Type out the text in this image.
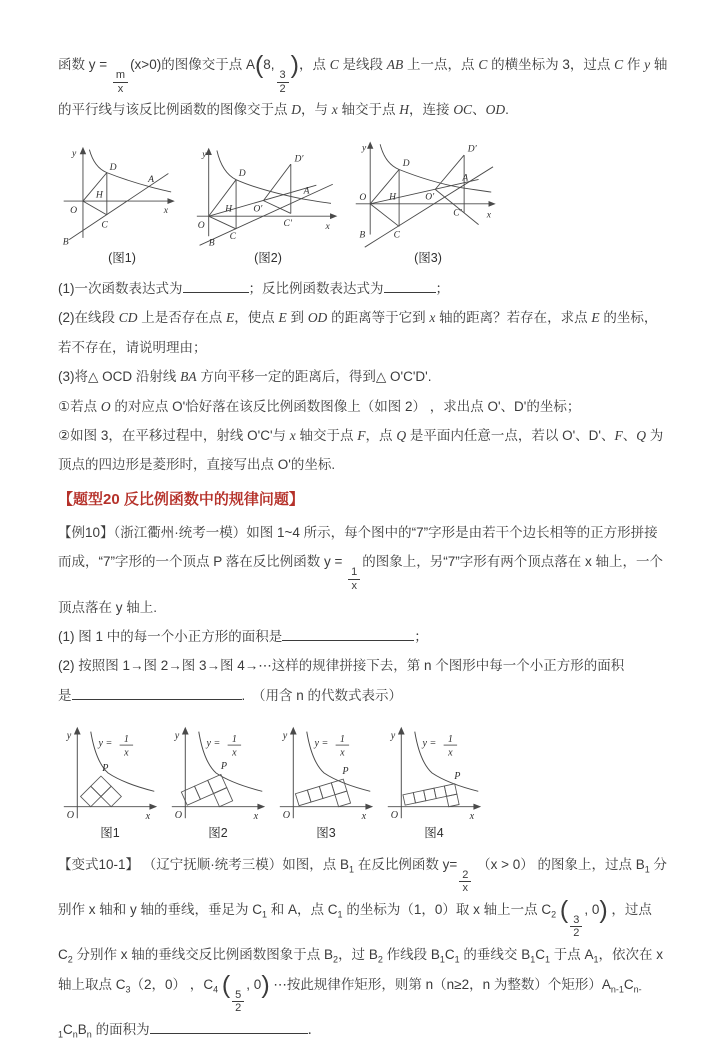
函数 y =
$\frac{m}{x}$
(x>0)的图像交于点 A(8,
$\frac{3}{2}$
)，点 C 是线段 AB 上一点，点 C 的横坐标为 3，过点 C 作 y 轴的平行线与该反比例函数的图像交于点 D，与 x 轴交于点 H，连接 OC、OD.

y
x
O
D
H
A
C
B
(图1)
y
x
O
D
H O′
D′
C′
A
C
B
(图2)
y
x
O
D
H	O′
D′
C′
A
C
B
(图3)

(1)一次函数表达式为	；反比例函数表达式为	；

(2)在线段 CD 上是否存在点 E，使点 E 到 OD 的距离等于它到 x 轴的距离？若存在，求点 E 的坐标，若不存在，请说明理由；

(3)将△ OCD 沿射线 BA 方向平移一定的距离后，得到△ O'C'D'.

①若点 O 的对应点 O'恰好落在该反比例函数图像上（如图 2） ，求出点 O'、D'的坐标；

②如图 3，在平移过程中，射线 O'C'与 x 轴交于点 F，点 Q 是平面内任意一点，若以 O'、D'、F、Q 为顶点的四边形是菱形时，直接写出点 O'的坐标.

【题型20 反比例函数中的规律问题】

【例10】（浙江衢州·统考一模）如图 1~4 所示，每个图中的“7”字形是由若干个边长相等的正方形拼接而成，“7”字形的一个顶点 P 落在反比例函数 y =
$\frac{1}{x}$
的图象上，另“7”字形有两个顶点落在 x 轴上，一个顶点落在 y 轴上.

(1) 图 1 中的每一个小正方形的面积是	；

(2) 按照图 1→图 2→图 3→图 4→⋯这样的规律拼接下去，第 n 个图形中每一个小正方形的面积

是	.　（用含 n 的代数式表示）

y
x
O
P
y = 1
x
图1
y
x
O
P
y = 1
x
图2
y
x
O
P
y = 1
x
图3
y
x
O
P
y = 1
x
图4

【变式10-1】 （辽宁抚顺·统考三模）如图，点 $B_1$ 在反比例函数 y=
$\frac{2}{x}$
（x > 0） 的图象上，过点 $B_1$ 分别作 x 轴和 y 轴的垂线，垂足为 $C_1$ 和 A，点 $C_1$ 的坐标为（1，0）取 x 轴上一点 $C_2$ (
$\frac{3}{2}$
, 0) ，过点 $C_2$ 分别作 x 轴的垂线交反比例函数图象于点 $B_2$，过 $B_2$ 作线段 $B_1C_1$ 的垂线交 $B_1C_1$ 于点 $A_1$，依次在 x 轴上取点 $C_3(2$，0） ，$C_4$ (
$\frac{5}{2}$
, 0) ⋯按此规律作矩形，则第 n（n≥2，n 为整数）个矩形）$A_{n-1}C_{n-1}C_nB_n$ 的面积为	．
